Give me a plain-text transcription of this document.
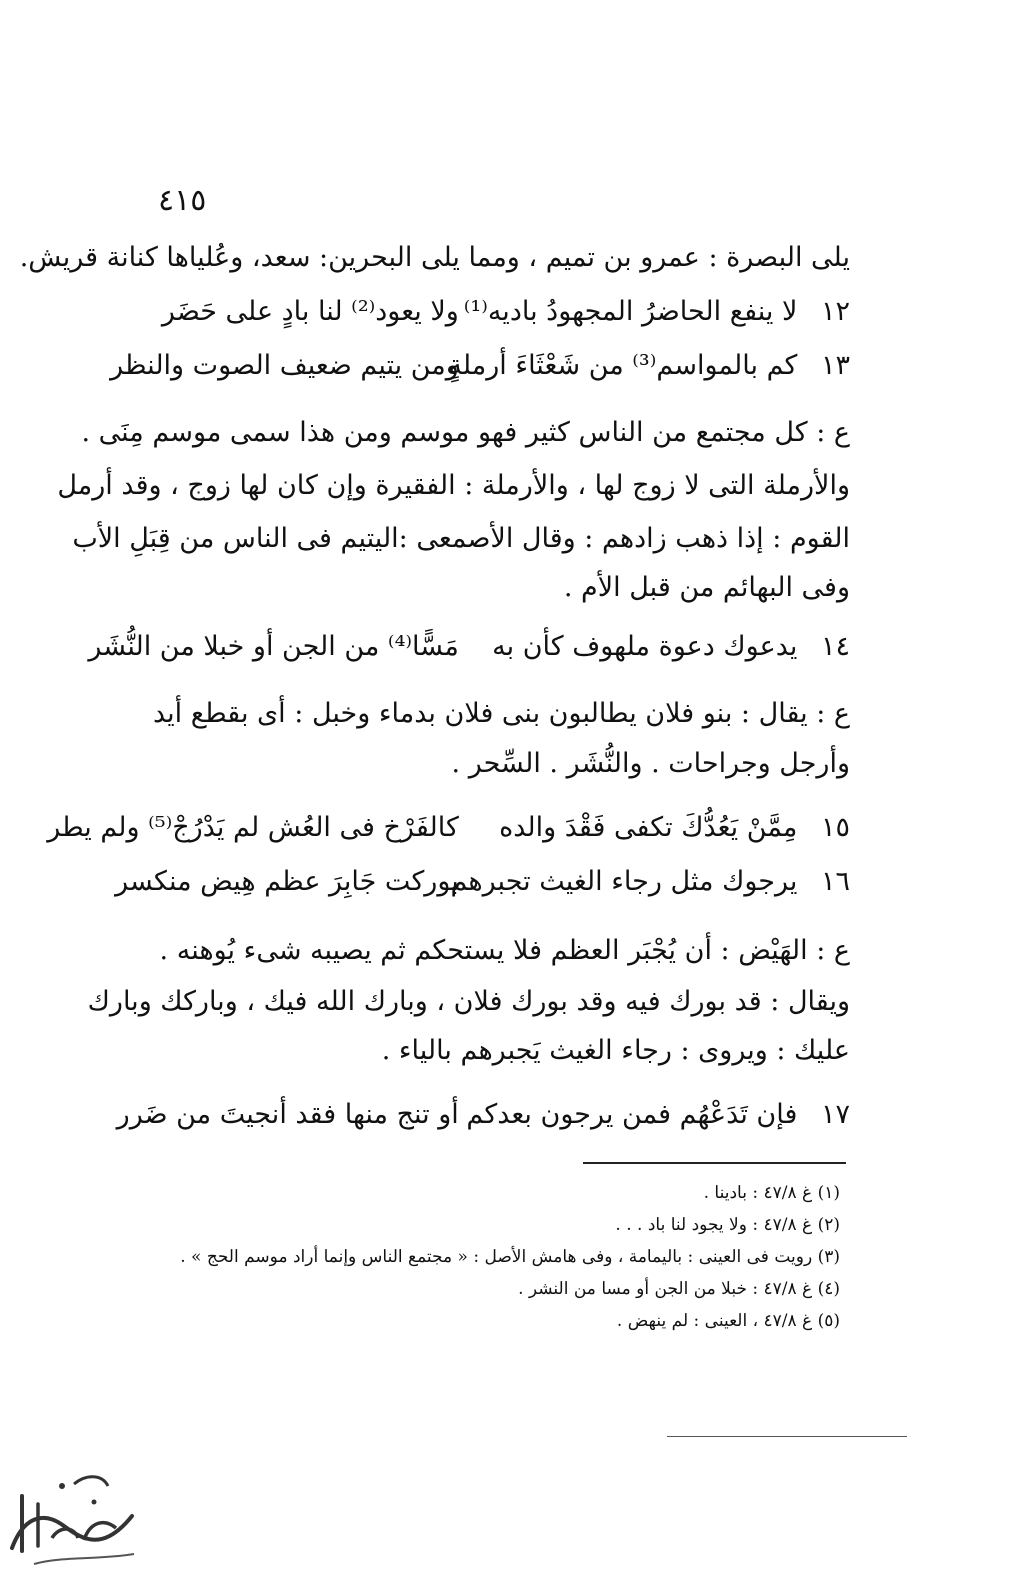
٤١٥
يلى البصرة : عمرو بن تميم ، ومما يلى البحرين: سعد، وعُلياها كنانة قريش.
١٢ لا ينفع الحاضرُ المجهودُ باديه⁽¹⁾ ولا يعود⁽²⁾ لنا بادٍ على حَضَر
١٣ كم بالمواسم⁽³⁾ من شَعْثَاءَ أرملةٍ ومن يتيم ضعيف الصوت والنظر
ع : كل مجتمع من الناس كثير فهو موسم ومن هذا سمى موسم مِنَى .
والأرملة التى لا زوج لها ، والأرملة : الفقيرة وإن كان لها زوج ، وقد أرمل
القوم : إذا ذهب زادهم : وقال الأصمعى :اليتيم فى الناس من قِبَلِ الأب
وفى البهائم من قبل الأم .
١٤ يدعوك دعوة ملهوف كأن به مَسًّا⁽⁴⁾ من الجن أو خبلا من النُّشَر
ع : يقال : بنو فلان يطالبون بنى فلان بدماء وخبل : أى بقطع أيد
وأرجل وجراحات . والنُّشَر . السِّحر .
١٥ مِمَّنْ يَعُدُّكَ تكفى فَقْدَ والده كالفَرْخ فى العُش لم يَدْرُجْ⁽⁵⁾ ولم يطر
١٦ يرجوك مثل رجاء الغيث تجبرهم بوركت جَابِرَ عظم هِيض منكسر
ع : الهَيْض : أن يُجْبَر العظم فلا يستحكم ثم يصيبه شىء يُوهنه .
ويقال : قد بورك فيه وقد بورك فلان ، وبارك الله فيك ، وباركك وبارك
عليك : ويروى : رجاء الغيث يَجبرهم بالياء .
١٧ فإن تَدَعْهُم فمن يرجون بعدكم أو تنج منها فقد أنجيتَ من ضَرر
(١) غ ٤٧/٨ : بادينا .
(٢) غ ٤٧/٨ : ولا يجود لنا باد . . .
(٣) رويت فى العينى : باليمامة ، وفى هامش الأصل : « مجتمع الناس وإنما أراد موسم الحج » .
(٤) غ ٤٧/٨ : خبلا من الجن أو مسا من النشر .
(٥) غ ٤٧/٨ ، العينى : لم ينهض .
